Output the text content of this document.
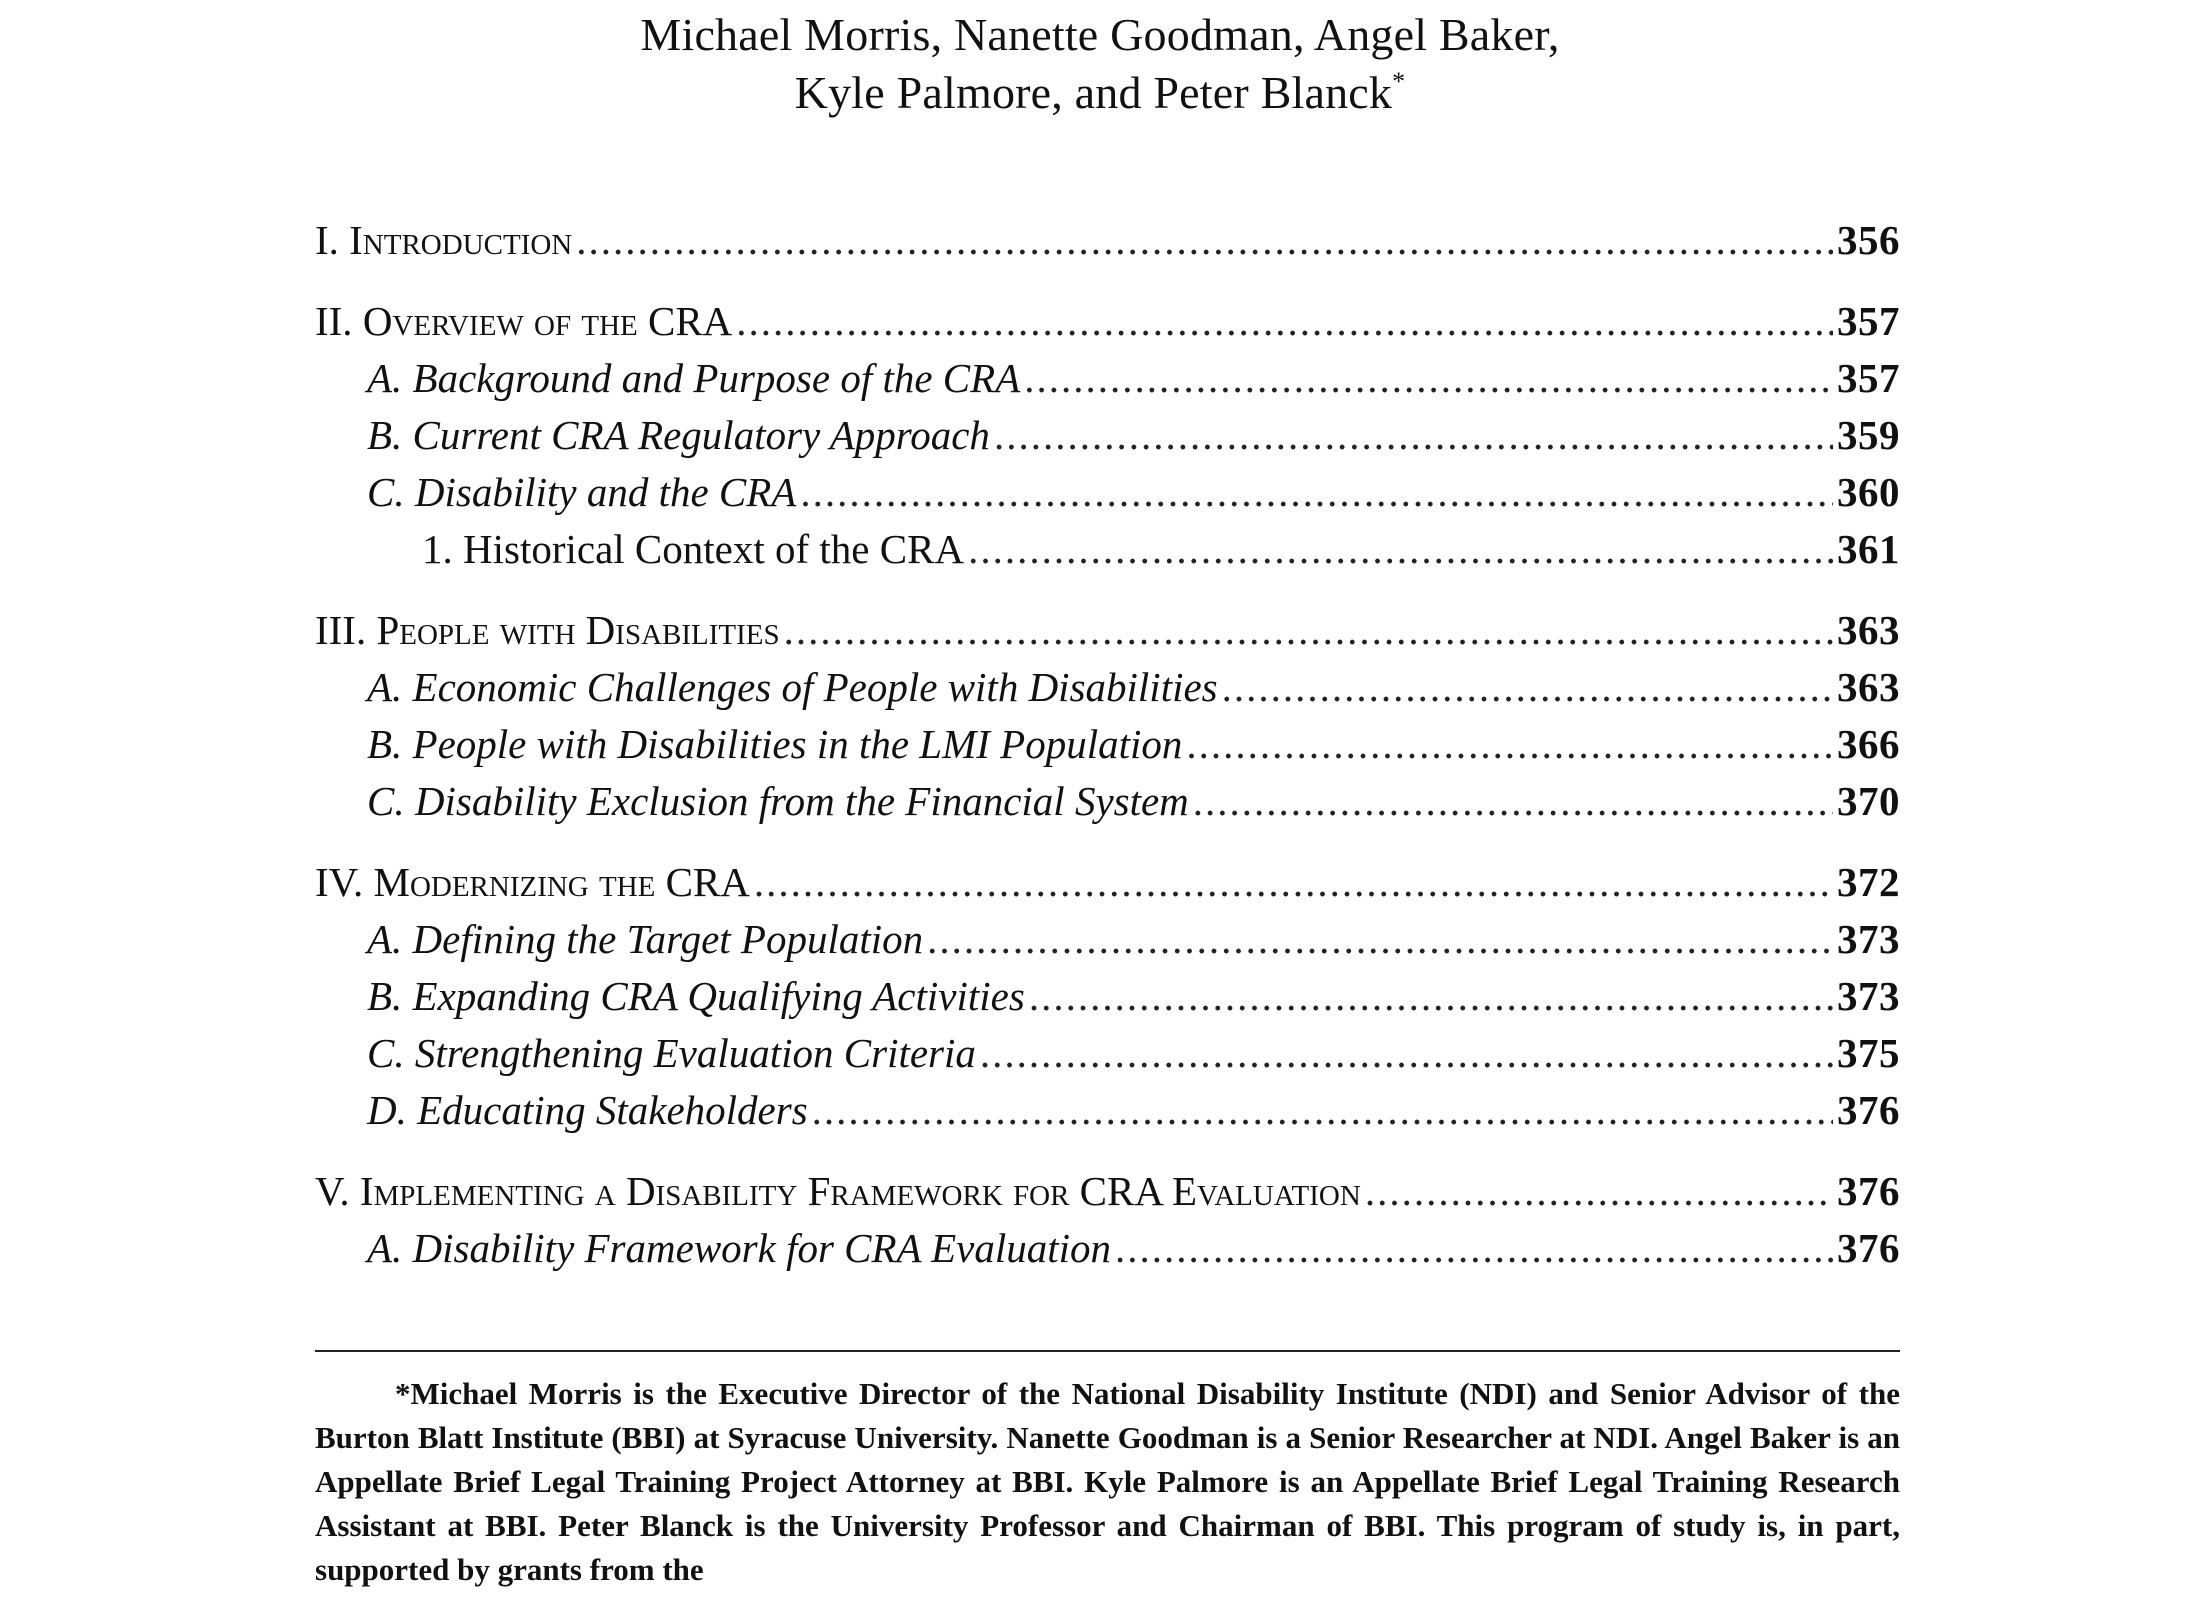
Michael Morris, Nanette Goodman, Angel Baker,
Kyle Palmore, and Peter Blanck*
I. Introduction .....	356
II. Overview of the CRA .....	357
A. Background and Purpose of the CRA .....	357
B. Current CRA Regulatory Approach .....	359
C. Disability and the CRA .....	360
1. Historical Context of the CRA .....	361
III. People with Disabilities .....	363
A. Economic Challenges of People with Disabilities .....	363
B. People with Disabilities in the LMI Population .....	366
C. Disability Exclusion from the Financial System .....	370
IV. Modernizing the CRA .....	372
A. Defining the Target Population .....	373
B. Expanding CRA Qualifying Activities .....	373
C. Strengthening Evaluation Criteria .....	375
D. Educating Stakeholders .....	376
V. Implementing a Disability Framework for CRA Evaluation .....	376
A. Disability Framework for CRA Evaluation .....	376
*Michael Morris is the Executive Director of the National Disability Institute (NDI) and Senior Advisor of the Burton Blatt Institute (BBI) at Syracuse University. Nanette Goodman is a Senior Researcher at NDI. Angel Baker is an Appellate Brief Legal Training Project Attorney at BBI. Kyle Palmore is an Appellate Brief Legal Training Research Assistant at BBI. Peter Blanck is the University Professor and Chairman of BBI. This program of study is, in part, supported by grants from the
